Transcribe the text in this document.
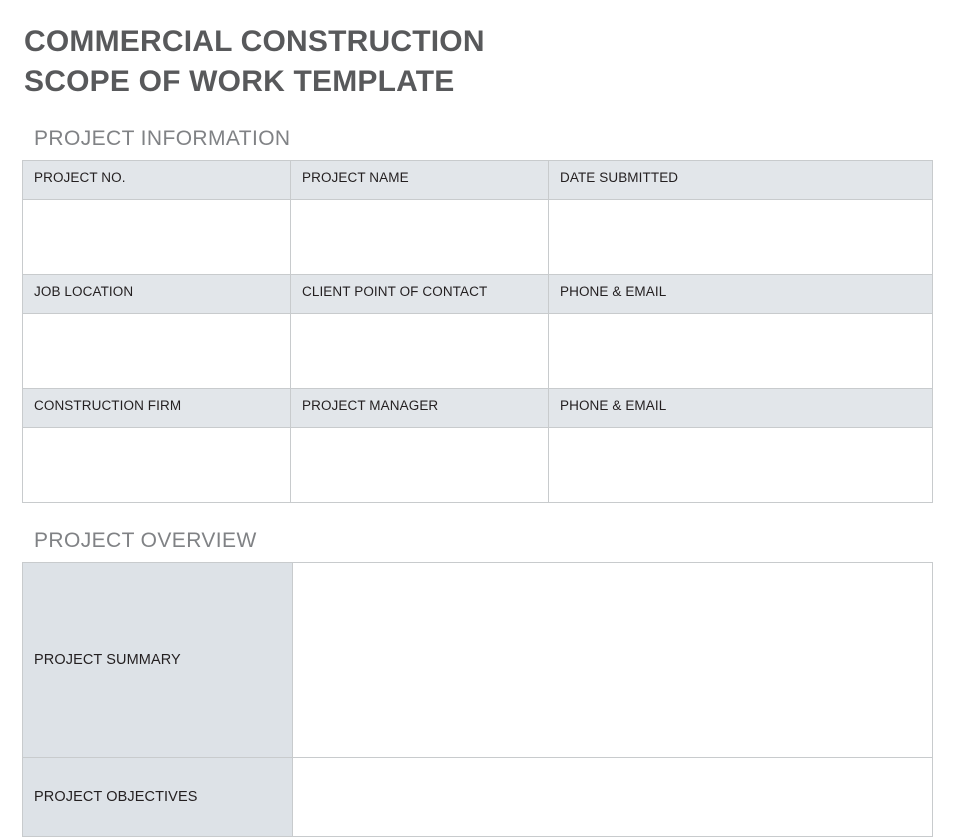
COMMERCIAL CONSTRUCTION
SCOPE OF WORK TEMPLATE
PROJECT INFORMATION
PROJECT NO.	PROJECT NAME	DATE SUBMITTED

JOB LOCATION	CLIENT POINT OF CONTACT	PHONE & EMAIL

CONSTRUCTION FIRM	PROJECT MANAGER	PHONE & EMAIL

PROJECT OVERVIEW
PROJECT SUMMARY	
PROJECT OBJECTIVES	
